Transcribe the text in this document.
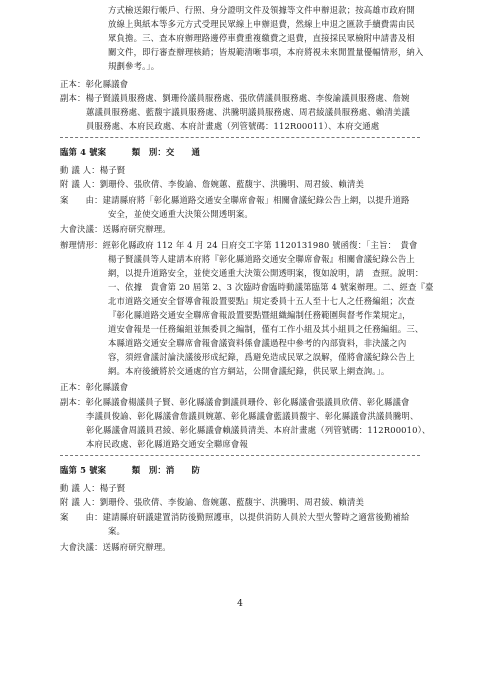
方式檢送銀行帳戶、行照、身分證明文件及領據等文件申辦退款；按高雄市政府開
放線上與紙本等多元方式受理民眾線上申辦退費，然線上申退之匯款手續費需由民
眾負擔。三、查本府辦理路邊停車費重複繳費之退費，直接採民眾檢附申請書及相
關文件，即行審查辦理核銷；皆規範清晰事項，本府將視未來閒置量優幅情形，納入
規劃參考。」。
正本：彰化縣議會
副本：楊子賢議員服務處、劉珊伶議員服務處、張欣倩議員服務處、李俊諭議員服務處、詹婉
蕙議員服務處、藍馥宇議員服務處、洪騰明議員服務處、周君綾議員服務處、賴清美議
員服務處、本府民政處、本府計畫處（列管號碼：112R00011）、本府交通處
臨第 4 號案　　　類　別：交　　通
動 議 人：楊子賢
附 議 人：劉珊伶、張欣倩、李俊諭、詹婉蕙、藍馥宇、洪騰明、周君綾、賴清美
案　　由：建請縣府將「彰化縣道路交通安全聯席會報」相關會議紀錄公告上網，以提升道路
安全，並使交通重大決策公開透明案。
大會決議：送縣府研究辦理。
辦理情形：經彰化縣政府 112 年 4 月 24 日府交工字第 1120131980 號函復：「主旨：　貴會
楊子賢議員等人建請本府將『彰化縣道路交通安全聯席會報』相關會議紀錄公告上
網，以提升道路安全，並使交通重大決策公開透明案，復如說明，請　查照。說明：
一、依據　貴會第 20 屆第 2、3 次臨時會臨時動議第臨第 4 號案辦理。二、經查『臺
北市道路交通安全督導會報設置要點』規定委員十五人至十七人之任務編組；次查
『彰化縣道路交通安全聯席會報設置要點暨組織編制任務範圍與督考作業規定』，
道安會報是一任務編組並無委員之編制，僅有工作小組及其小組員之任務編組。三、
本縣道路交通安全聯席會報會議資料係會議過程中參考的內部資料，非決議之內
容，須經會議討論決議後形成紀錄，爲避免造成民眾之誤解，僅將會議紀錄公告上
網。本府後續將於交通處的官方網站，公開會議紀錄，供民眾上網查詢。」。
正本：彰化縣議會
副本：彰化縣議會楊議員子賢、彰化縣議會劉議員珊伶、彰化縣議會張議員欣倩、彰化縣議會
李議員俊諭、彰化縣議會詹議員婉蕙、彰化縣議會藍議員馥宇、彰化縣議會洪議員騰明、
彰化縣議會周議員君綾、彰化縣議會賴議員清美、本府計畫處（列管號碼：112R00010）、
本府民政處、彰化縣道路交通安全聯席會報
臨第 5 號案　　　類　別：消　　防
動 議 人：楊子賢
附 議 人：劉珊伶、張欣倩、李俊諭、詹婉蕙、藍馥宇、洪騰明、周君綾、賴清美
案　　由：建請縣府研議建置消防後勤照護車，以提供消防人員於大型火警時之適當後勤補給
案。
大會決議：送縣府研究辦理。
4
